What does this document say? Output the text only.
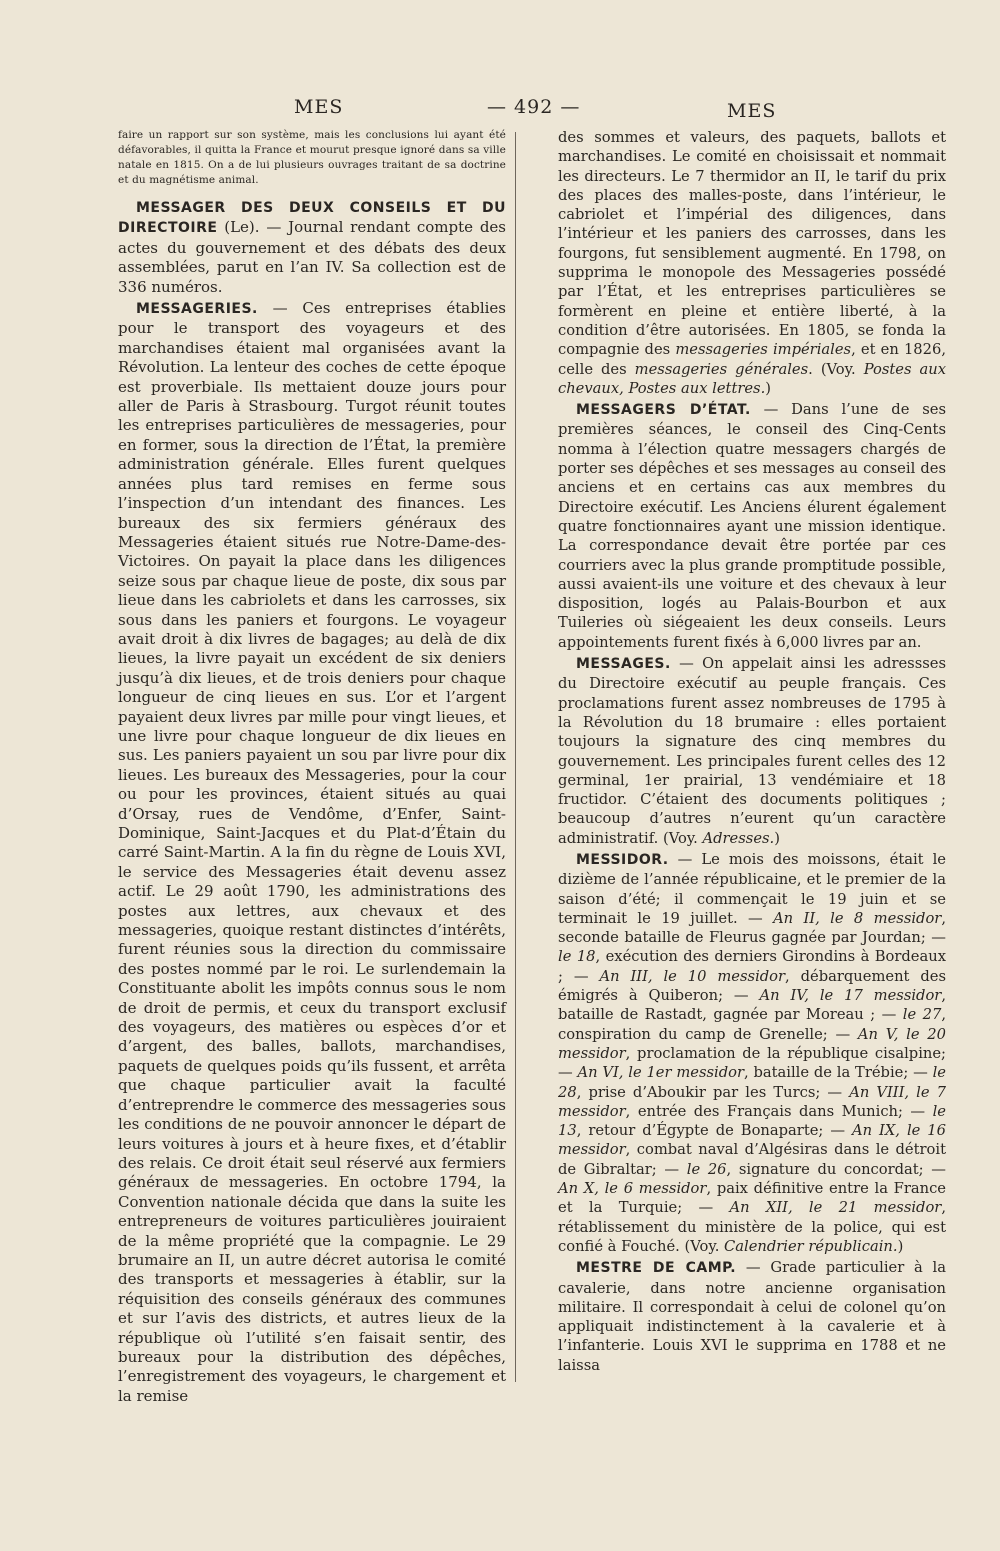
MES	— 492 —	MES

faire un rapport sur son système, mais les conclusions lui ayant été défavorables, il quitta la France et mourut presque ignoré dans sa ville natale en 1815. On a de lui plusieurs ouvrages traitant de sa doctrine et du magnétisme animal.

MESSAGER DES DEUX CONSEILS ET DU DIRECTOIRE (Le). — Journal rendant compte des actes du gouvernement et des débats des deux assemblées, parut en l’an IV. Sa collection est de 336 numéros.

MESSAGERIES. — Ces entreprises établies pour le transport des voyageurs et des marchandises étaient mal organisées avant la Révolution. La lenteur des coches de cette époque est proverbiale. Ils mettaient douze jours pour aller de Paris à Strasbourg. Turgot réunit toutes les entreprises particulières de messageries, pour en former, sous la direction de l’État, la première administration générale. Elles furent quelques années plus tard remises en ferme sous l’inspection d’un intendant des finances. Les bureaux des six fermiers généraux des Messageries étaient situés rue Notre-Dame-des-Victoires. On payait la place dans les diligences seize sous par chaque lieue de poste, dix sous par lieue dans les cabriolets et dans les carrosses, six sous dans les paniers et fourgons. Le voyageur avait droit à dix livres de bagages; au delà de dix lieues, la livre payait un excédent de six deniers jusqu’à dix lieues, et de trois deniers pour chaque longueur de cinq lieues en sus. L’or et l’argent payaient deux livres par mille pour vingt lieues, et une livre pour chaque longueur de dix lieues en sus. Les paniers payaient un sou par livre pour dix lieues. Les bureaux des Messageries, pour la cour ou pour les provinces, étaient situés au quai d’Orsay, rues de Vendôme, d’Enfer, Saint-Dominique, Saint-Jacques et du Plat-d’Étain du carré Saint-Martin. A la fin du règne de Louis XVI, le service des Messageries était devenu assez actif. Le 29 août 1790, les administrations des postes aux lettres, aux chevaux et des messageries, quoique restant distinctes d’intérêts, furent réunies sous la direction du commissaire des postes nommé par le roi. Le surlendemain la Constituante abolit les impôts connus sous le nom de droit de permis, et ceux du transport exclusif des voyageurs, des matières ou espèces d’or et d’argent, des balles, ballots, marchandises, paquets de quelques poids qu’ils fussent, et arrêta que chaque particulier avait la faculté d’entreprendre le commerce des messageries sous les conditions de ne pouvoir annoncer le départ de leurs voitures à jours et à heure fixes, et d’établir des relais. Ce droit était seul réservé aux fermiers généraux de messageries. En octobre 1794, la Convention nationale décida que dans la suite les entrepreneurs de voitures particulières jouiraient de la même propriété que la compagnie. Le 29 brumaire an II, un autre décret autorisa le comité des transports et messageries à établir, sur la réquisition des conseils généraux des communes et sur l’avis des districts, et autres lieux de la république où l’utilité s’en faisait sentir, des bureaux pour la distribution des dépêches, l’enregistrement des voyageurs, le chargement et la remise

des sommes et valeurs, des paquets, ballots et marchandises. Le comité en choisissait et nommait les directeurs. Le 7 thermidor an II, le tarif du prix des places des malles-poste, dans l’intérieur, le cabriolet et l’impérial des diligences, dans l’intérieur et les paniers des carrosses, dans les fourgons, fut sensiblement augmenté. En 1798, on supprima le monopole des Messageries possédé par l’État, et les entreprises particulières se formèrent en pleine et entière liberté, à la condition d’être autorisées. En 1805, se fonda la compagnie des messageries impériales, et en 1826, celle des messageries générales. (Voy. Postes aux chevaux, Postes aux lettres.)

MESSAGERS D’ÉTAT. — Dans l’une de ses premières séances, le conseil des Cinq-Cents nomma à l’élection quatre messagers chargés de porter ses dépêches et ses messages au conseil des anciens et en certains cas aux membres du Directoire exécutif. Les Anciens élurent également quatre fonctionnaires ayant une mission identique. La correspondance devait être portée par ces courriers avec la plus grande promptitude possible, aussi avaient-ils une voiture et des chevaux à leur disposition, logés au Palais-Bourbon et aux Tuileries où siégeaient les deux conseils. Leurs appointements furent fixés à 6,000 livres par an.

MESSAGES. — On appelait ainsi les adressses du Directoire exécutif au peuple français. Ces proclamations furent assez nombreuses de 1795 à la Révolution du 18 brumaire : elles portaient toujours la signature des cinq membres du gouvernement. Les principales furent celles des 12 germinal, 1er prairial, 13 vendémiaire et 18 fructidor. C’étaient des documents politiques ; beaucoup d’autres n’eurent qu’un caractère administratif. (Voy. Adresses.)

MESSIDOR. — Le mois des moissons, était le dizième de l’année républicaine, et le premier de la saison d’été; il commençait le 19 juin et se terminait le 19 juillet. — An II, le 8 messidor, seconde bataille de Fleurus gagnée par Jourdan; — le 18, exécution des derniers Girondins à Bordeaux ; — An III, le 10 messidor, débarquement des émigrés à Quiberon; — An IV, le 17 messidor, bataille de Rastadt, gagnée par Moreau ; — le 27, conspiration du camp de Grenelle; — An V, le 20 messidor, proclamation de la république cisalpine; — An VI, le 1er messidor, bataille de la Trébie; — le 28, prise d’Aboukir par les Turcs; — An VIII, le 7 messidor, entrée des Français dans Munich; — le 13, retour d’Égypte de Bonaparte; — An IX, le 16 messidor, combat naval d’Algésiras dans le détroit de Gibraltar; — le 26, signature du concordat; — An X, le 6 messidor, paix définitive entre la France et la Turquie; — An XII, le 21 messidor, rétablissement du ministère de la police, qui est confié à Fouché. (Voy. Calendrier républicain.)

MESTRE DE CAMP. — Grade particulier à la cavalerie, dans notre ancienne organisation militaire. Il correspondait à celui de colonel qu’on appliquait indistinctement à la cavalerie et à l’infanterie. Louis XVI le supprima en 1788 et ne laissa
